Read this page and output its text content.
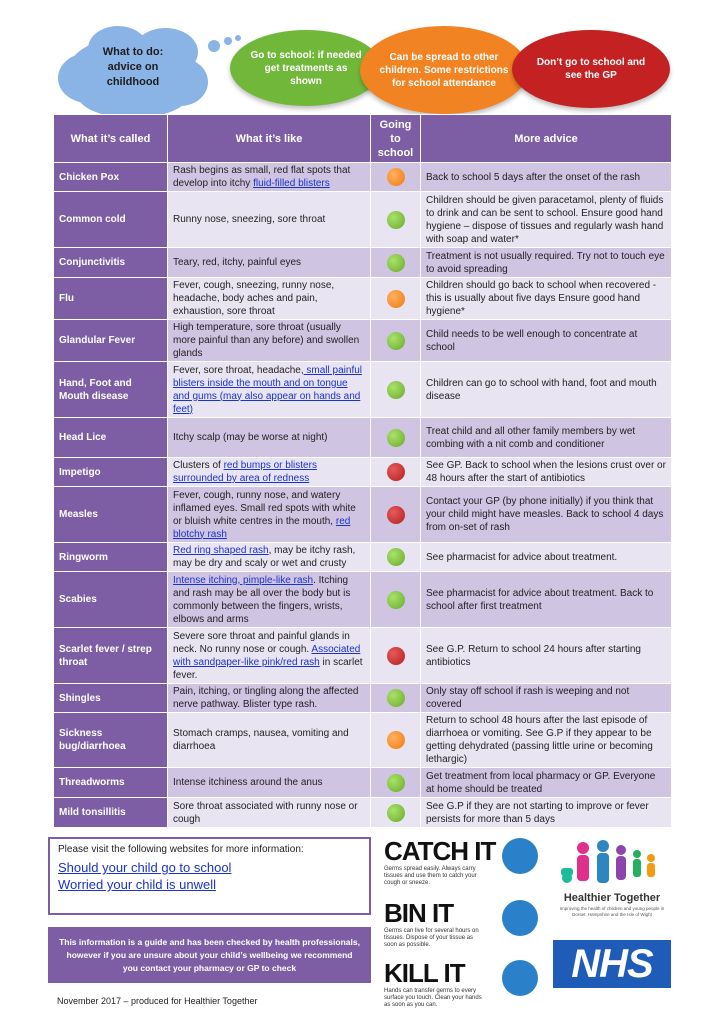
What to do:
advice on
childhood
Go to school: if needed get treatments as shown
Can be spread to other children. Some restrictions for school attendance
Don’t go to school and see the GP
What it’s called	What it’s like	Going to school	More advice
Chicken Pox	Rash begins as small, red flat spots that develop into itchy fluid-filled blisters		Back to school 5 days after the onset of the rash
Common cold	Runny nose, sneezing, sore throat		Children should be given paracetamol, plenty of fluids to drink and can be sent to school. Ensure good hand hygiene – dispose of tissues and regularly wash hand with soap and water*
Conjunctivitis	Teary, red, itchy, painful eyes		Treatment is not usually required. Try not to touch eye to avoid spreading
Flu	Fever, cough, sneezing, runny nose, headache, body aches and pain, exhaustion, sore throat		Children should go back to school when recovered - this is usually about five days Ensure good hand hygiene*
Glandular Fever	High temperature, sore throat (usually more painful than any before) and swollen glands		Child needs to be well enough to concentrate at school
Hand, Foot and Mouth disease	Fever, sore throat, headache, small painful blisters inside the mouth and on tongue and gums (may also appear on hands and feet)		Children can go to school with hand, foot and mouth disease
Head Lice	Itchy scalp (may be worse at night)		Treat child and all other family members by wet combing with a nit comb and conditioner
Impetigo	Clusters of red bumps or blisters surrounded by area of redness		See GP. Back to school when the lesions crust over or 48 hours after the start of antibiotics
Measles	Fever, cough, runny nose, and watery inflamed eyes. Small red spots with white or bluish white centres in the mouth, red blotchy rash		Contact your GP (by phone initially) if you think that your child might have measles. Back to school 4 days from on-set of rash
Ringworm	Red ring shaped rash, may be itchy rash, may be dry and scaly or wet and crusty		See pharmacist for advice about treatment.
Scabies	Intense itching, pimple-like rash. Itching and rash may be all over the body but is commonly between the fingers, wrists, elbows and arms		See pharmacist for advice about treatment. Back to school after first treatment
Scarlet fever / strep throat	Severe sore throat and painful glands in neck. No runny nose or cough. Associated with sandpaper-like pink/red rash in scarlet fever.		See G.P. Return to school 24 hours after starting antibiotics
Shingles	Pain, itching, or tingling along the affected nerve pathway. Blister type rash.		Only stay off school if rash is weeping and not covered
Sickness bug/diarrhoea	Stomach cramps, nausea, vomiting and diarrhoea		Return to school 48 hours after the last episode of diarrhoea or vomiting. See G.P if they appear to be getting dehydrated (passing little urine or becoming lethargic)
Threadworms	Intense itchiness around the anus		Get treatment from local pharmacy or GP. Everyone at home should be treated
Mild tonsillitis	Sore throat associated with runny nose or cough		See G.P if they are not starting to improve or fever persists for more than 5 days
Please visit the following websites for more information:
Should your child go to school
Worried your child is unwell
This information is a guide and has been checked by health professionals, however if you are unsure about your child’s wellbeing we recommend you contact your pharmacy or GP to check
November 2017 – produced for Healthier Together
CATCH IT
Germs spread easily. Always carry tissues and use them to catch your cough or sneeze.
BIN IT
Germs can live for several hours on tissues. Dispose of your tissue as soon as possible.
KILL IT
Hands can transfer germs to every surface you touch. Clean your hands as soon as you can.
Healthier Together
Improving the health of children and young people in Dorset, Hampshire and the Isle of Wight
NHS
